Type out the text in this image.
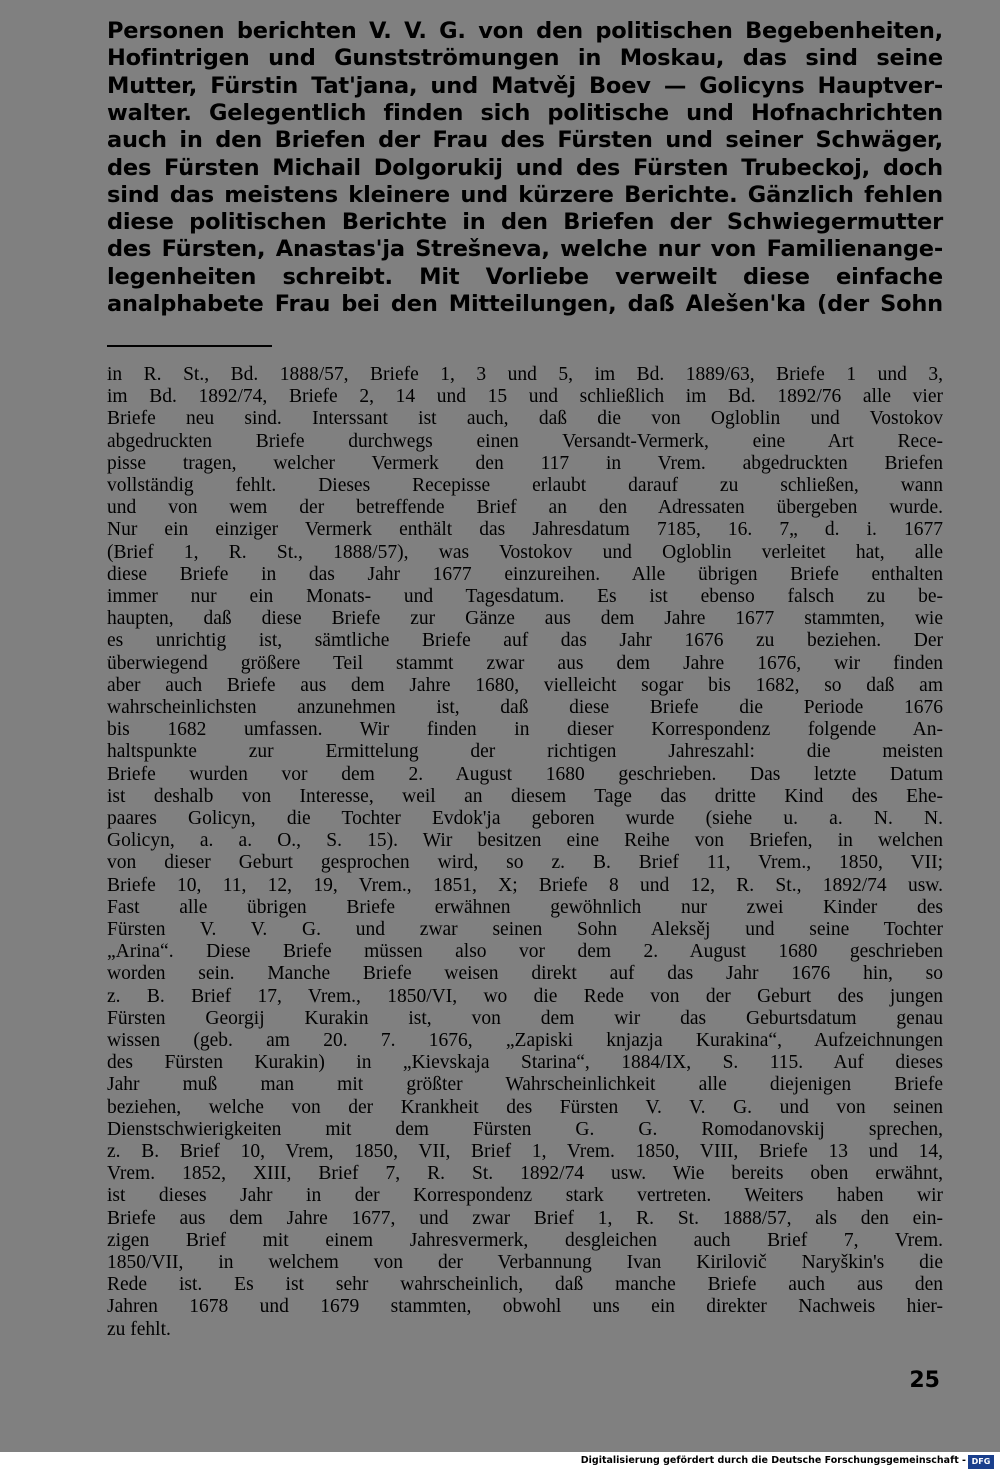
Personen berichten V. V. G. von den politischen Begebenheiten,
Hofintrigen und Gunstströmungen in Moskau, das sind seine
Mutter, Fürstin Tat'jana, und Matvěj Boev — Golicyns Hauptver-
walter. Gelegentlich finden sich politische und Hofnachrichten
auch in den Briefen der Frau des Fürsten und seiner Schwäger,
des Fürsten Michail Dolgorukij und des Fürsten Trubeckoj, doch
sind das meistens kleinere und kürzere Berichte. Gänzlich fehlen
diese politischen Berichte in den Briefen der Schwiegermutter
des Fürsten, Anastas'ja Strešneva, welche nur von Familienange-
legenheiten schreibt. Mit Vorliebe verweilt diese einfache
analphabete Frau bei den Mitteilungen, daß Alešen'ka (der Sohn
in R. St., Bd. 1888/57, Briefe 1, 3 und 5, im Bd. 1889/63, Briefe 1 und 3,
im Bd. 1892/74, Briefe 2, 14 und 15 und schließlich im Bd. 1892/76 alle vier
Briefe neu sind. Interssant ist auch, daß die von Ogloblin und Vostokov
abgedruckten Briefe durchwegs einen Versandt-Vermerk, eine Art Rece-
pisse tragen, welcher Vermerk den 117 in Vrem. abgedruckten Briefen
vollständig fehlt. Dieses Recepisse erlaubt darauf zu schließen, wann
und von wem der betreffende Brief an den Adressaten übergeben wurde.
Nur ein einziger Vermerk enthält das Jahresdatum 7185, 16. 7„ d. i. 1677
(Brief 1, R. St., 1888/57), was Vostokov und Ogloblin verleitet hat, alle
diese Briefe in das Jahr 1677 einzureihen. Alle übrigen Briefe enthalten
immer nur ein Monats- und Tagesdatum. Es ist ebenso falsch zu be-
haupten, daß diese Briefe zur Gänze aus dem Jahre 1677 stammten, wie
es unrichtig ist, sämtliche Briefe auf das Jahr 1676 zu beziehen. Der
überwiegend größere Teil stammt zwar aus dem Jahre 1676, wir finden
aber auch Briefe aus dem Jahre 1680, vielleicht sogar bis 1682, so daß am
wahrscheinlichsten anzunehmen ist, daß diese Briefe die Periode 1676
bis 1682 umfassen. Wir finden in dieser Korrespondenz folgende An-
haltspunkte zur Ermittelung der richtigen Jahreszahl: die meisten
Briefe wurden vor dem 2. August 1680 geschrieben. Das letzte Datum
ist deshalb von Interesse, weil an diesem Tage das dritte Kind des Ehe-
paares Golicyn, die Tochter Evdok'ja geboren wurde (siehe u. a. N. N.
Golicyn, a. a. O., S. 15). Wir besitzen eine Reihe von Briefen, in welchen
von dieser Geburt gesprochen wird, so z. B. Brief 11, Vrem., 1850, VII;
Briefe 10, 11, 12, 19, Vrem., 1851, X; Briefe 8 und 12, R. St., 1892/74 usw.
Fast alle übrigen Briefe erwähnen gewöhnlich nur zwei Kinder des
Fürsten V. V. G. und zwar seinen Sohn Aleksěj und seine Tochter
„Arina“. Diese Briefe müssen also vor dem 2. August 1680 geschrieben
worden sein. Manche Briefe weisen direkt auf das Jahr 1676 hin, so
z. B. Brief 17, Vrem., 1850/VI, wo die Rede von der Geburt des jungen
Fürsten Georgij Kurakin ist, von dem wir das Geburtsdatum genau
wissen (geb. am 20. 7. 1676, „Zapiski knjazja Kurakina“, Aufzeichnungen
des Fürsten Kurakin) in „Kievskaja Starina“, 1884/IX, S. 115. Auf dieses
Jahr muß man mit größter Wahrscheinlichkeit alle diejenigen Briefe
beziehen, welche von der Krankheit des Fürsten V. V. G. und von seinen
Dienstschwierigkeiten mit dem Fürsten G. G. Romodanovskij sprechen,
z. B. Brief 10, Vrem, 1850, VII, Brief 1, Vrem. 1850, VIII, Briefe 13 und 14,
Vrem. 1852, XIII, Brief 7, R. St. 1892/74 usw. Wie bereits oben erwähnt,
ist dieses Jahr in der Korrespondenz stark vertreten. Weiters haben wir
Briefe aus dem Jahre 1677, und zwar Brief 1, R. St. 1888/57, als den ein-
zigen Brief mit einem Jahresvermerk, desgleichen auch Brief 7, Vrem.
1850/VII, in welchem von der Verbannung Ivan Kirilovič Naryškin's die
Rede ist. Es ist sehr wahrscheinlich, daß manche Briefe auch aus den
Jahren 1678 und 1679 stammten, obwohl uns ein direkter Nachweis hier-
zu fehlt.
25
Digitalisierung gefördert durch die Deutsche Forschungsgemeinschaft - DFG
